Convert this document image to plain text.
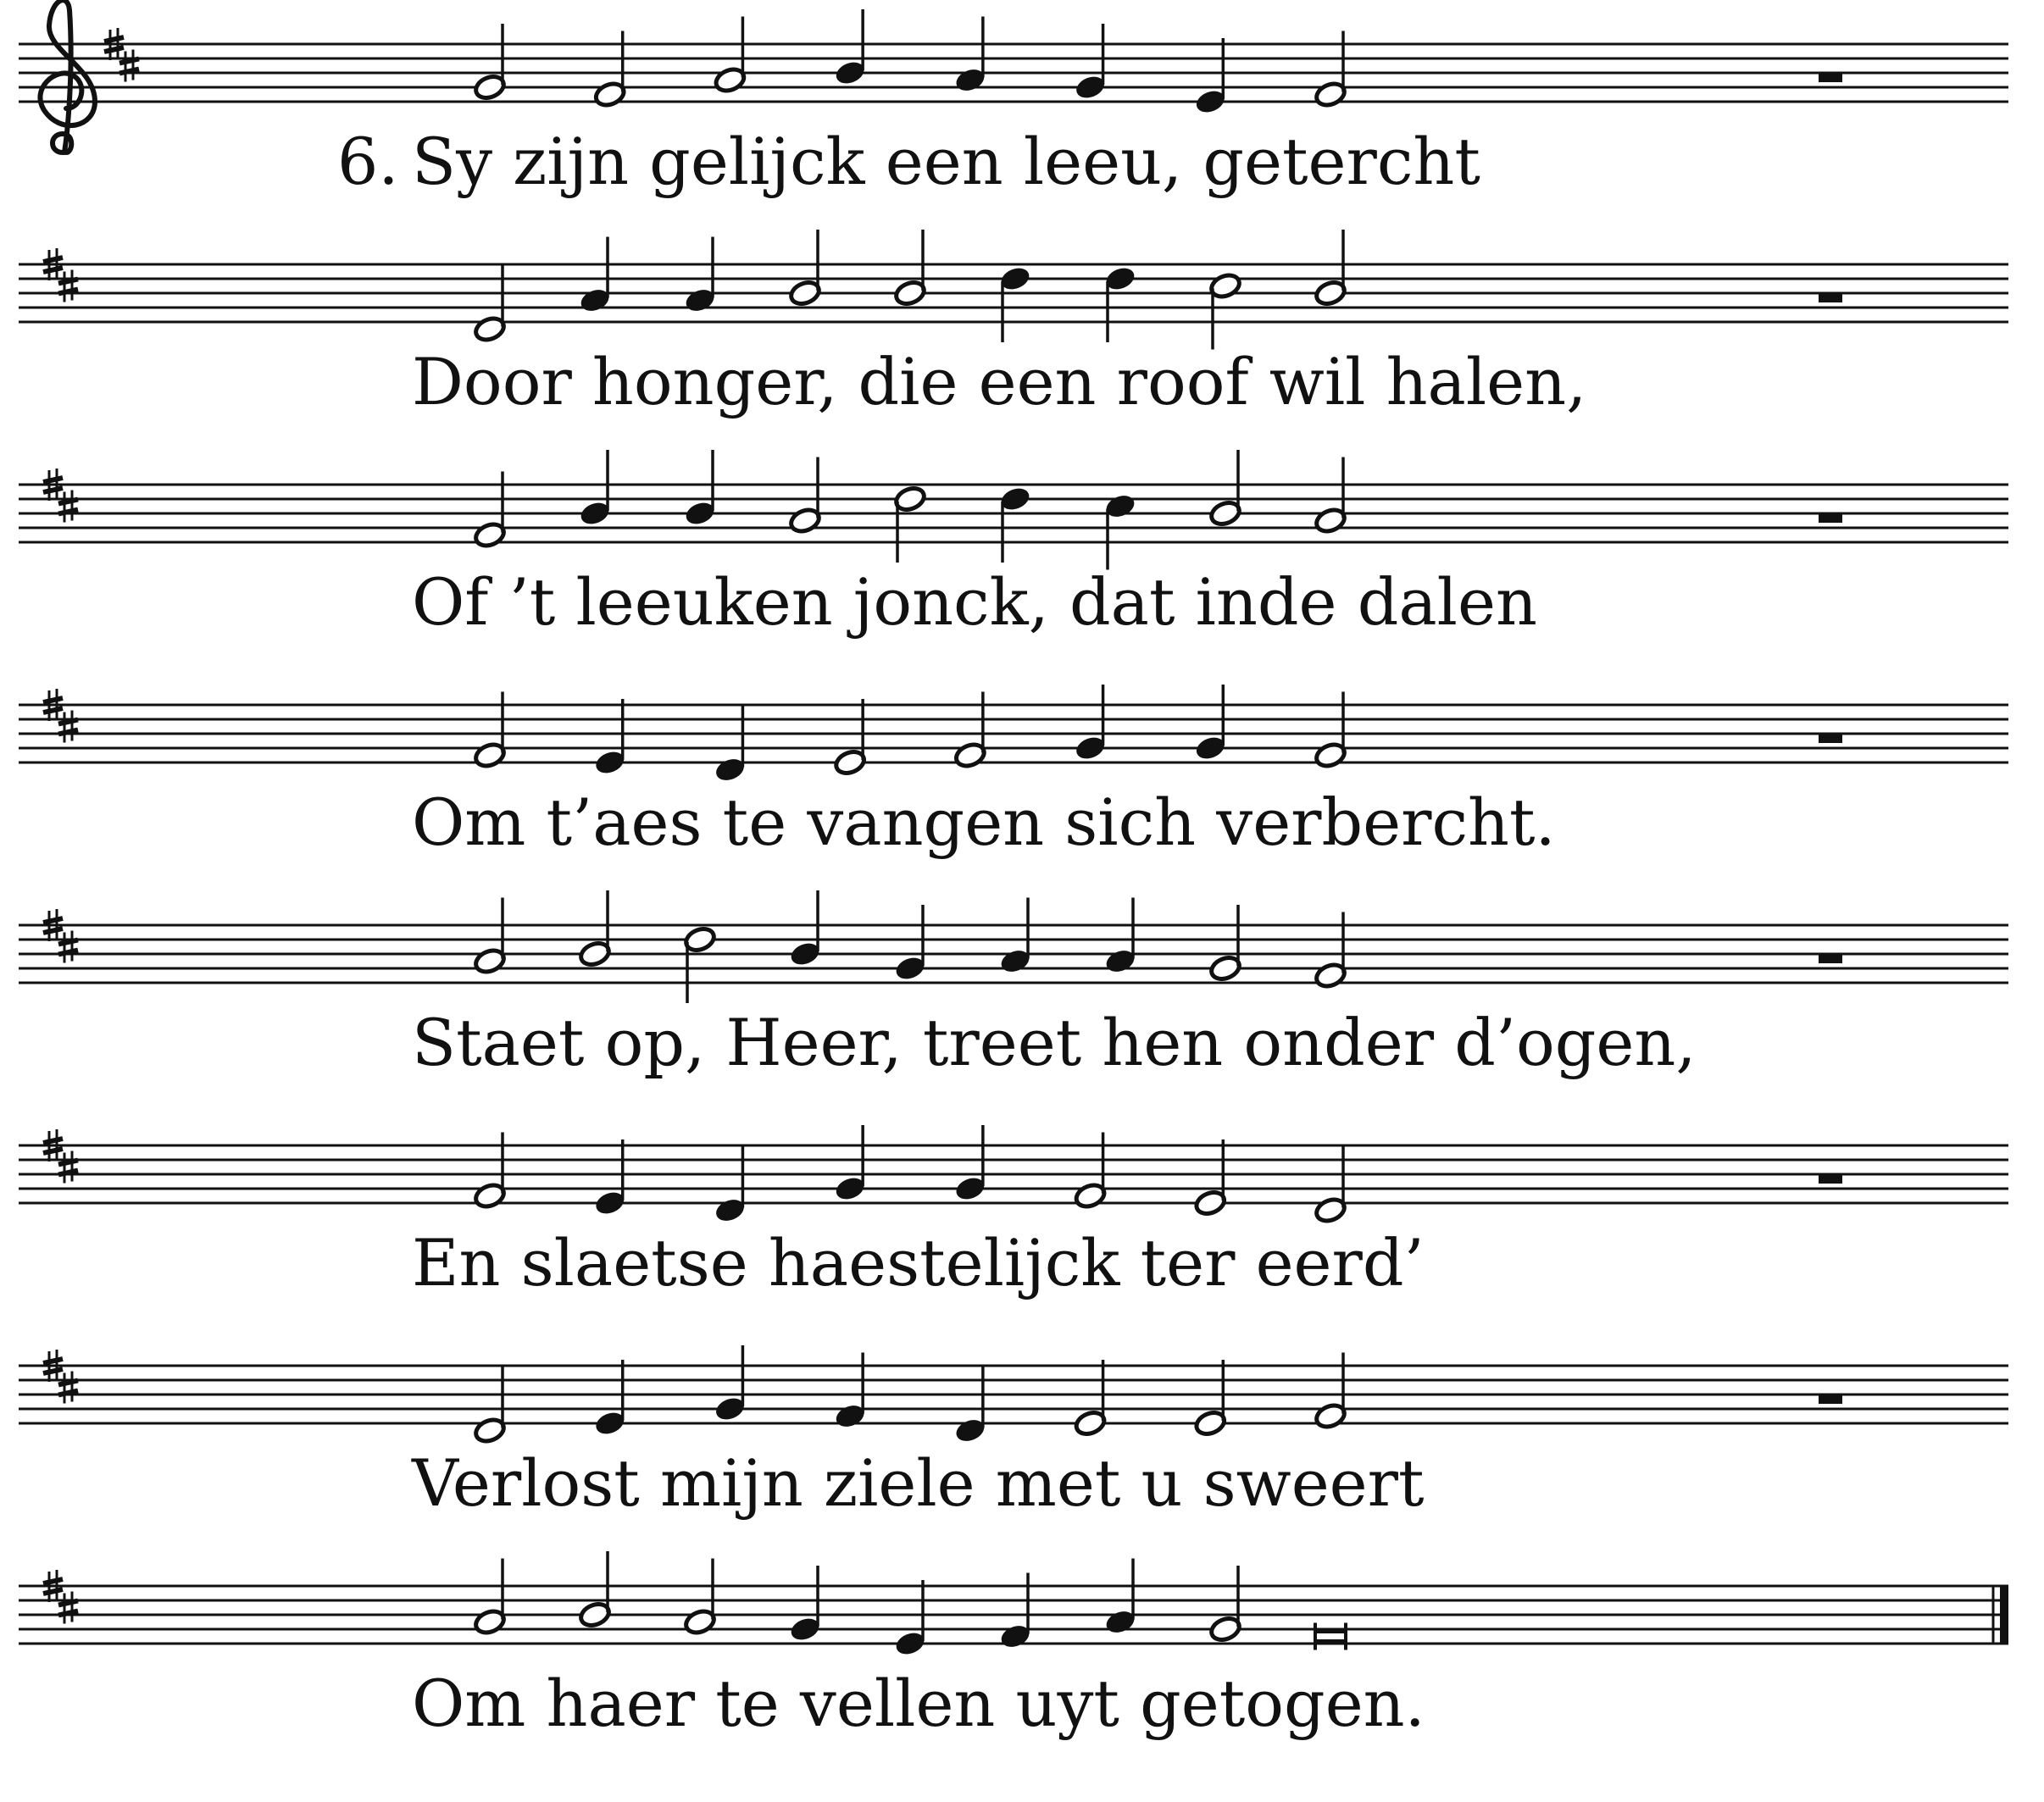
Sy zijn gelijck een leeu, getercht
6.
Door honger, die een roof wil halen,
Of ’t leeuken jonck, dat inde dalen
Om t’aes te vangen sich verbercht.
Staet op, Heer, treet hen onder d’ogen,
En slaetse haestelijck ter eerd’
Verlost mijn ziele met u sweert
Om haer te vellen uyt getogen.
